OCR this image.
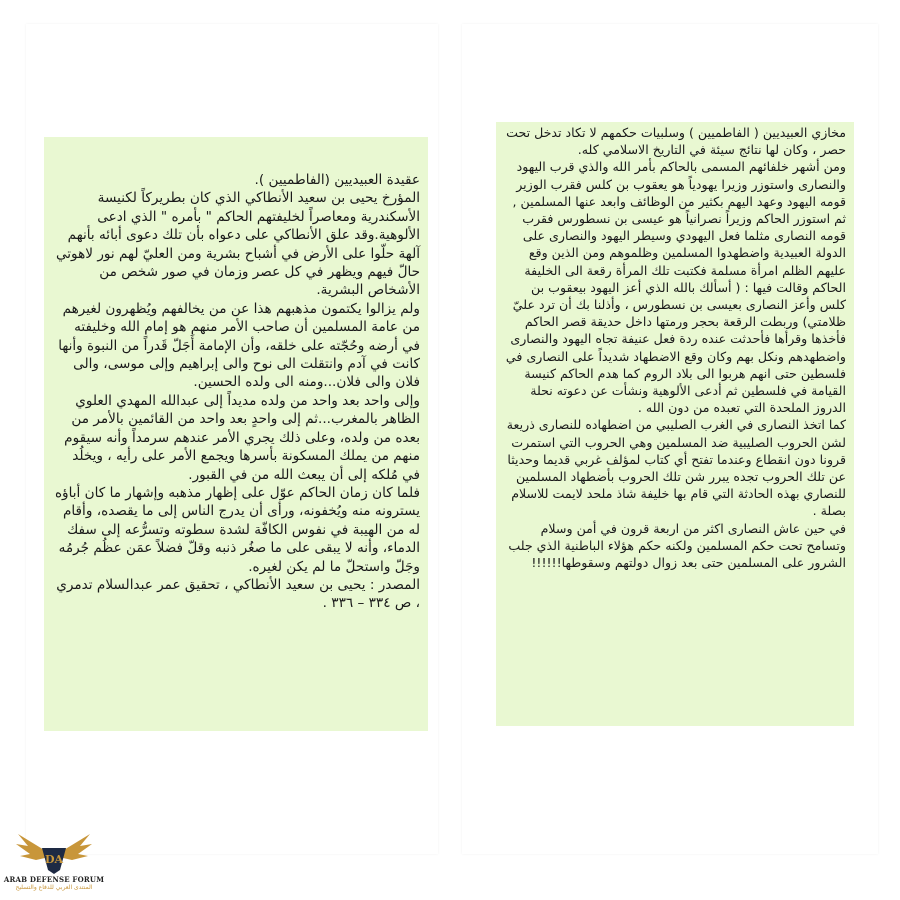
عقيدة العبيديين (الفاطميين ).

المؤرخ يحيى بن سعيد الأنطاكي الذي كان بطريركاً لكنيسة الأسكندرية ومعاصراً لخليفتهم الحاكم " بأمره " الذي ادعى الألوهية.وقد علق الأنطاكي على دعواه بأن تلك دعوى أبائه بأنهم آلهة حلّوا على الأرض في أشباح بشرية ومن العليّ لهم نور لاهوتي حالّ فيهم ويظهر في كل عصر وزمان في صور شخص من الأشخاص البشرية.

ولم يزالوا يكتمون مذهبهم هذا عن من يخالفهم ويُظهرون لغيرهم من عامة المسلمين أن صاحب الأمر منهم هو إمام الله وخليفته في أرضه وحُجّته على خلقه، وأن الإمامة أَجَلّ قَدراً من النبوة وأنها كانت في آدم وانتقلت الى نوح والى إبراهيم وإلى موسى، والى فلان والى فلان...ومنه الى ولده الحسين.

وإلى واحد بعد واحد من ولده مديداً إلى عبدالله المهدي العلوي الظاهر بالمغرب...ثم إلى واحدٍ بعد واحد من القائمين بالأمر من بعده من ولده، وعلى ذلك يجري الأمر عندهم سرمداً وأنه سيقوم منهم من يملك المسكونة بأسرها ويجمع الأمر على رأيه ، ويخلُد في مُلكه إلى أن يبعث الله من في القبور.

فلما كان زمان الحاكم عوّل على إظهار مذهبه وإشهار ما كان أباؤه يسترونه منه ويُخفونه، ورأى أن يدرج الناس إلى ما يقصده، وأقام له من الهيبة في نفوس الكافّة لشدة سطوته وتسرُّعه إلى سفك الدماء، وأنه لا يبقى على ما صغُر ذنبه وقلّ فضلاً عمَن عظُم جُرمُه وجَلّ واستحلّ ما لم يكن لغيره.

المصدر : يحيى بن سعيد الأنطاكي ، تحقيق عمر عبدالسلام تدمري ، ص ٣٣٤ – ٣٣٦ .

مخازي العبيديين ( الفاطميين ) وسلبيات حكمهم لا تكاد تدخل تحت حصر ، وكان لها نتائج سيئة في التاريخ الاسلامي كله.

ومن أشهر خلفائهم المسمى بالحاكم بأمر الله والذي قرب اليهود والنصارى واستوزر وزيرا يهودياً هو يعقوب بن كلس فقرب الوزير قومه اليهود وعهد اليهم بكثير من الوظائف وابعد عنها المسلمين , ثم استوزر الحاكم وزيراً نصرانياً هو عيسى بن نسطورس فقرب قومه النصارى مثلما فعل اليهودي وسيطر اليهود والنصارى على الدولة العبيدية واضطهدوا المسلمين وظلموهم ومن الذين وقع عليهم الظلم امرأة مسلمة فكتبت تلك المرأة رقعة الى الخليفة الحاكم وقالت فيها : ( أسألك بالله الذي أعز اليهود بيعقوب بن كلس وأعز النصارى بعيسى بن نسطورس ، وأذلنا بك أن ترد عليّ ظلامتي) وربطت الرقعة بحجر ورمتها داخل حديقة قصر الحاكم فأخذها وقرأها فأحدثت عنده ردة فعل عنيفة تجاه اليهود والنصارى واضطهدهم ونكل بهم وكان وقع الاضطهاد شديداً على النصارى في فلسطين حتى انهم هربوا الى بلاد الروم كما هدم الحاكم كنيسة القيامة في فلسطين ثم أدعى الألوهية ونشأت عن دعوته نحلة الدروز الملحدة التي تعبده من دون الله .

كما اتخذ النصارى في الغرب الصليبي من اضطهاده للنصارى ذريعة لشن الحروب الصليبية ضد المسلمين وهي الحروب التي استمرت قرونا دون انقطاع وعندما تفتح أي كتاب لمؤلف غربي قديما وحديثا عن تلك الحروب تجده يبرر شن تلك الحروب بأضطهاد المسلمين للنصاري بهذه الحادثة التي قام بها خليفة شاذ ملحد لايمت للاسلام بصلة .

في حين عاش النصارى اكثر من اربعة قرون في أمن وسلام وتسامح تحت حكم المسلمين ولكنه حكم هؤلاء الباطنية الذي جلب الشرور على المسلمين حتى بعد زوال دولتهم وسقوطها!!!!!!

DA
ARAB DEFENSE FORUM
المنتدى العربي للدفاع والتسليح
